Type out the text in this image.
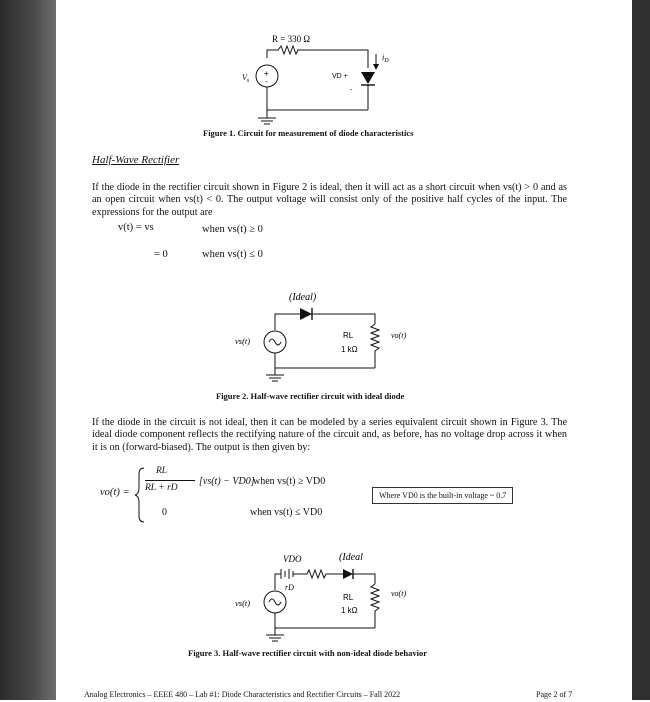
R = 330 Ω
+
-
$V_s$
$i_D$
VD +
-
Figure 1. Circuit for measurement of diode characteristics
Half-Wave Rectifier
If the diode in the rectifier circuit shown in Figure 2 is ideal, then it will act as a short circuit when vs(t) > 0 and as an open circuit when vs(t) < 0. The output voltage will consist only of the positive half cycles of the input. The expressions for the output are
v(t) = vs	when vs(t) ≥ 0
= 0	when vs(t) ≤ 0
(Ideal)
vs(t)
RL
1 kΩ
vo(t)
Figure 2. Half-wave rectifier circuit with ideal diode
If the diode in the circuit is not ideal, then it can be modeled by a series equivalent circuit shown in Figure 3. The ideal diode component reflects the rectifying nature of the circuit and, as before, has no voltage drop across it when it is on (forward-biased). The output is then given by:
vo(t) =
RL
RL + rD
[vs(t) − VD0]
when vs(t) ≥ VD0
0	when vs(t) ≤ VD0
Where VD0 is the built-in voltage ~ 0.7
VDO	(Ideal
rD
vs(t)
RL
1 kΩ
vo(t)
Figure 3. Half-wave rectifier circuit with non-ideal diode behavior
Analog Electronics – EEEE 480 – Lab #1: Diode Characteristics and Rectifier Circuits – Fall 2022	Page 2 of 7
